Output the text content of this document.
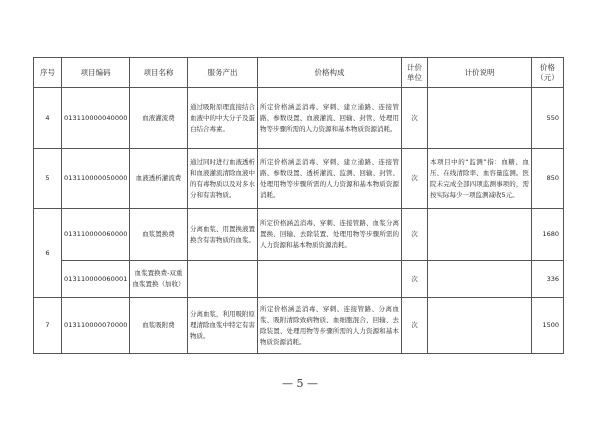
序号	项目编码	项目名称	服务产出	价格构成	计价单位	计价说明	价格（元）
4	013110000040000	血液灌流费	通过吸附原理直接结合血液中的中大分子及蛋白结合毒素。	所定价格涵盖消毒、穿刺、建立通路、连接管路、参数设置、血液灌流、回输、封管、处理用物等步骤所需的人力资源和基本物质资源消耗。	次		550
5	013110000050000	血液透析灌流费	通过同时进行血液透析和血液灌流清除血液中的有毒物质以及对多水分和有害物质。	所定价格涵盖消毒、穿刺、建立通路、连接管路、参数设置、透析灌流、监测、回输、封管、处理用物等步骤所需的人力资源和基本物质资源消耗。	次	本项目中的“监测”指：血糖、血压、在线清除率、血容量监测。医院未完成全部四项监测事项的，需按实际每少一项监测减收5元。	850
6	013110000060000	血浆置换费	分离血浆、用置换液置换含有害物质的血浆。	所定价格涵盖消毒、穿刺、连接管路、血浆分离置换、回输、去除装置、处理用物等步骤所需的人力资源和基本物质资源消耗。	次		1680
	013110000060001	血浆置换费-双重血浆置换（加收）			次		336
7	013110000070000	血浆吸附费	分离血浆，利用吸附原理清除血浆中特定有害物质。	所定价格涵盖消毒、穿刺、连接管路、分离血浆、吸附清除致病物质、血细胞混合、回输、去除装置、处理用物等步骤所需的人力资源和基本物质资源消耗。	次		1500
— 5 —
